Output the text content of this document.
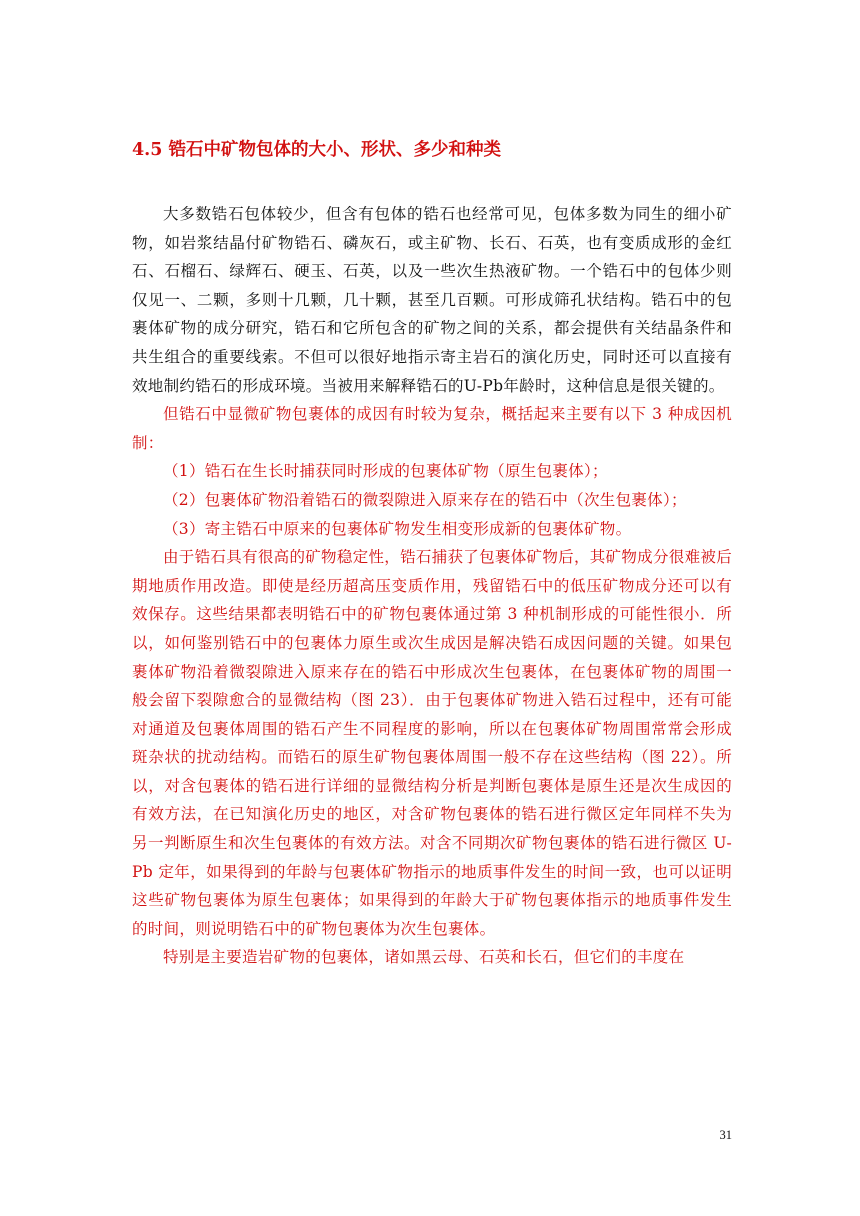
4.5 锆石中矿物包体的大小、形状、多少和种类

大多数锆石包体较少，但含有包体的锆石也经常可见，包体多数为同生的细小矿物，如岩浆结晶付矿物锆石、磷灰石，或主矿物、长石、石英，也有变质成形的金红石、石榴石、绿辉石、硬玉、石英，以及一些次生热液矿物。一个锆石中的包体少则仅见一、二颗，多则十几颗，几十颗，甚至几百颗。可形成筛孔状结构。锆石中的包裹体矿物的成分研究，锆石和它所包含的矿物之间的关系，都会提供有关结晶条件和共生组合的重要线索。不但可以很好地指示寄主岩石的演化历史，同时还可以直接有效地制约锆石的形成环境。当被用来解释锆石的U-Pb年龄时，这种信息是很关键的。

但锆石中显微矿物包裹体的成因有时较为复杂，概括起来主要有以下 3 种成因机制：

（1）锆石在生长时捕获同时形成的包裹体矿物（原生包裹体）；

（2）包裹体矿物沿着锆石的微裂隙进入原来存在的锆石中（次生包裹体）；

（3）寄主锆石中原来的包裹体矿物发生相变形成新的包裹体矿物。

由于锆石具有很高的矿物稳定性，锆石捕获了包裹体矿物后，其矿物成分很难被后期地质作用改造。即使是经历超高压变质作用，残留锆石中的低压矿物成分还可以有效保存。这些结果都表明锆石中的矿物包裹体通过第 3 种机制形成的可能性很小．所以，如何鉴别锆石中的包裹体力原生或次生成因是解决锆石成因问题的关键。如果包裹体矿物沿着微裂隙进入原来存在的锆石中形成次生包裹体，在包裹体矿物的周围一般会留下裂隙愈合的显微结构（图 23）．由于包裹体矿物进入锆石过程中，还有可能对通道及包裹体周围的锆石产生不同程度的影响，所以在包裹体矿物周围常常会形成斑杂状的扰动结构。而锆石的原生矿物包裹体周围一般不存在这些结构（图 22）。所以，对含包裹体的锆石进行详细的显微结构分析是判断包裹体是原生还是次生成因的有效方法，在已知演化历史的地区，对含矿物包裹体的锆石进行微区定年同样不失为另一判断原生和次生包裹体的有效方法。对含不同期次矿物包裹体的锆石进行微区 U-Pb 定年，如果得到的年龄与包裹体矿物指示的地质事件发生的时间一致，也可以证明这些矿物包裹体为原生包裹体；如果得到的年龄大于矿物包裹体指示的地质事件发生的时间，则说明锆石中的矿物包裹体为次生包裹体。

特别是主要造岩矿物的包裹体，诸如黑云母、石英和长石，但它们的丰度在

31
